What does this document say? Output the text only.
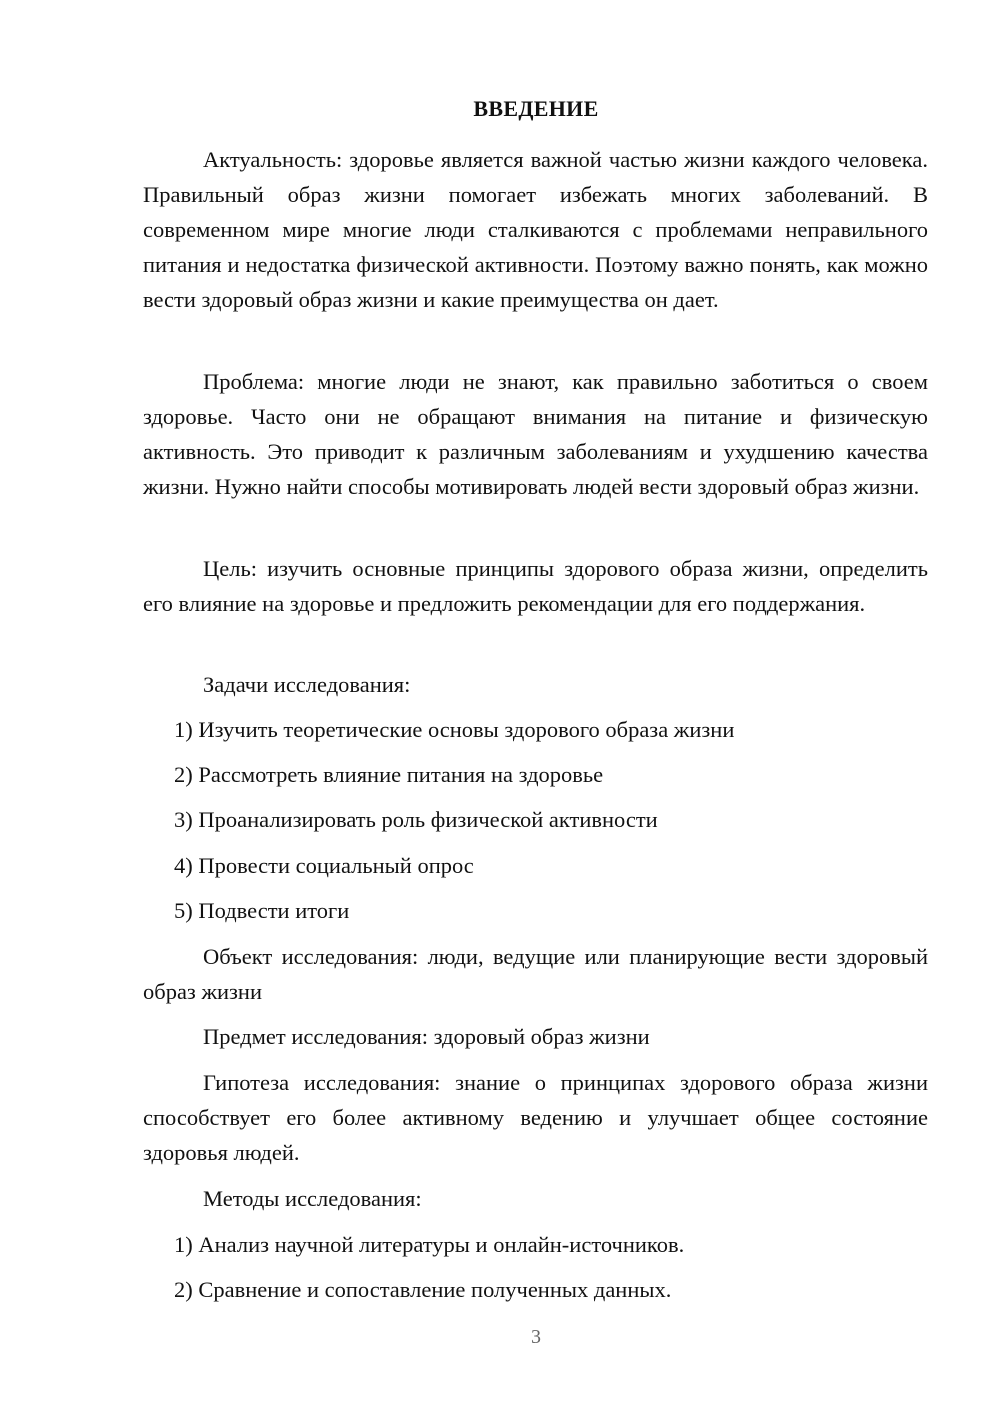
ВВЕДЕНИЕ

Актуальность: здоровье является важной частью жизни каждого человека. Правильный образ жизни помогает избежать многих заболеваний. В современном мире многие люди сталкиваются с проблемами неправильного питания и недостатка физической активности. Поэтому важно понять, как можно вести здоровый образ жизни и какие преимущества он дает.

Проблема: многие люди не знают, как правильно заботиться о своем здоровье. Часто они не обращают внимания на питание и физическую активность. Это приводит к различным заболеваниям и ухудшению качества жизни. Нужно найти способы мотивировать людей вести здоровый образ жизни.

Цель: изучить основные принципы здорового образа жизни, определить его влияние на здоровье и предложить рекомендации для его поддержания.

Задачи исследования:

1) Изучить теоретические основы здорового образа жизни

2) Рассмотреть влияние питания на здоровье

3) Проанализировать роль физической активности

4) Провести социальный опрос

5) Подвести итоги

Объект исследования: люди, ведущие или планирующие вести здоровый образ жизни

Предмет исследования: здоровый образ жизни

Гипотеза исследования: знание о принципах здорового образа жизни способствует его более активному ведению и улучшает общее состояние здоровья людей.

Методы исследования:

1) Анализ научной литературы и онлайн-источников.

2) Сравнение и сопоставление полученных данных.

3
